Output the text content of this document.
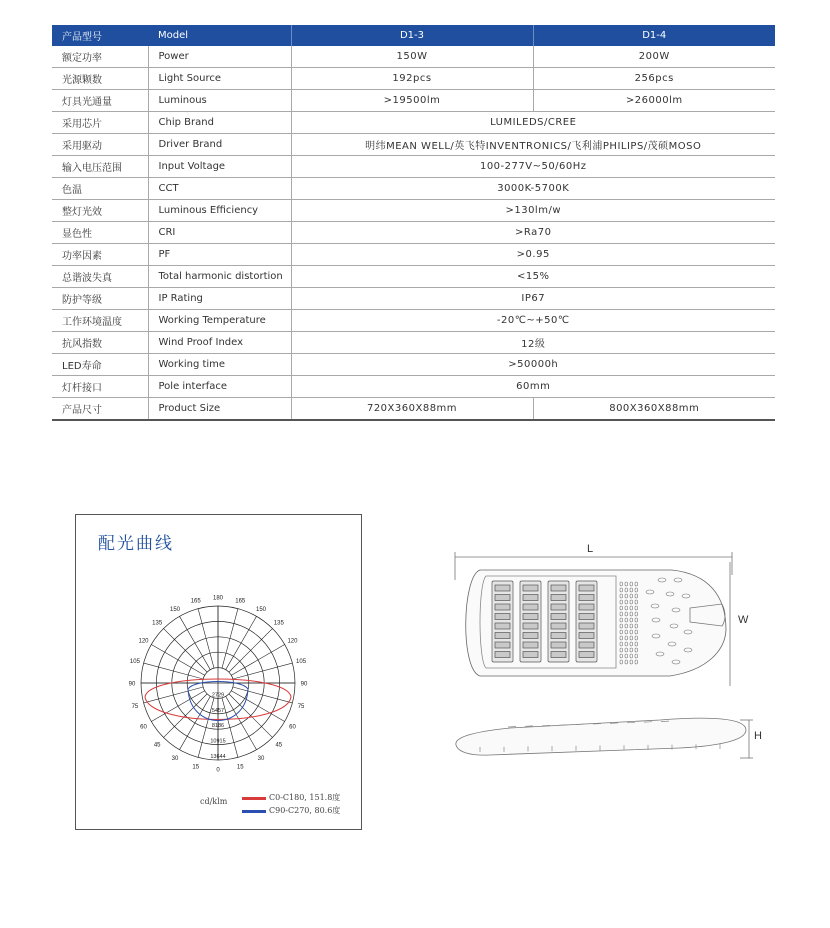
产品型号	Model	D1-3	D1-4
额定功率	Power	150W	200W
光源颗数	Light Source	192pcs	256pcs
灯具光通量	Luminous	>19500lm	>26000lm
采用芯片	Chip Brand	LUMILEDS/CREE	
采用驱动	Driver Brand	明纬MEAN WELL/英飞特INVENTRONICS/飞利浦PHILIPS/茂硕MOSO	
输入电压范围	Input Voltage	100-277V~50/60Hz	
色温	CCT	3000K-5700K	
整灯光效	Luminous Efficiency	>130lm/w	
显色性	CRI	>Ra70	
功率因素	PF	>0.95	
总谐波失真	Total harmonic distortion	<15%	
防护等级	IP Rating	IP67	
工作环境温度	Working Temperature	-20℃~+50℃	
抗风指数	Wind Proof Index	12级	
LED寿命	Working time	>50000h	
灯杆接口	Pole interface	60mm	
产品尺寸	Product Size	720X360X88mm	800X360X88mm
配光曲线
180 165
165
150
150
135
135
120
120
105
105
90
90
75
75
60
60
45
45
30
30
15
15	0
2729
5457
8186
10915
13644
cd/klm	C0-C180, 151.8度
C90-C270, 80.6度
L
W
H
